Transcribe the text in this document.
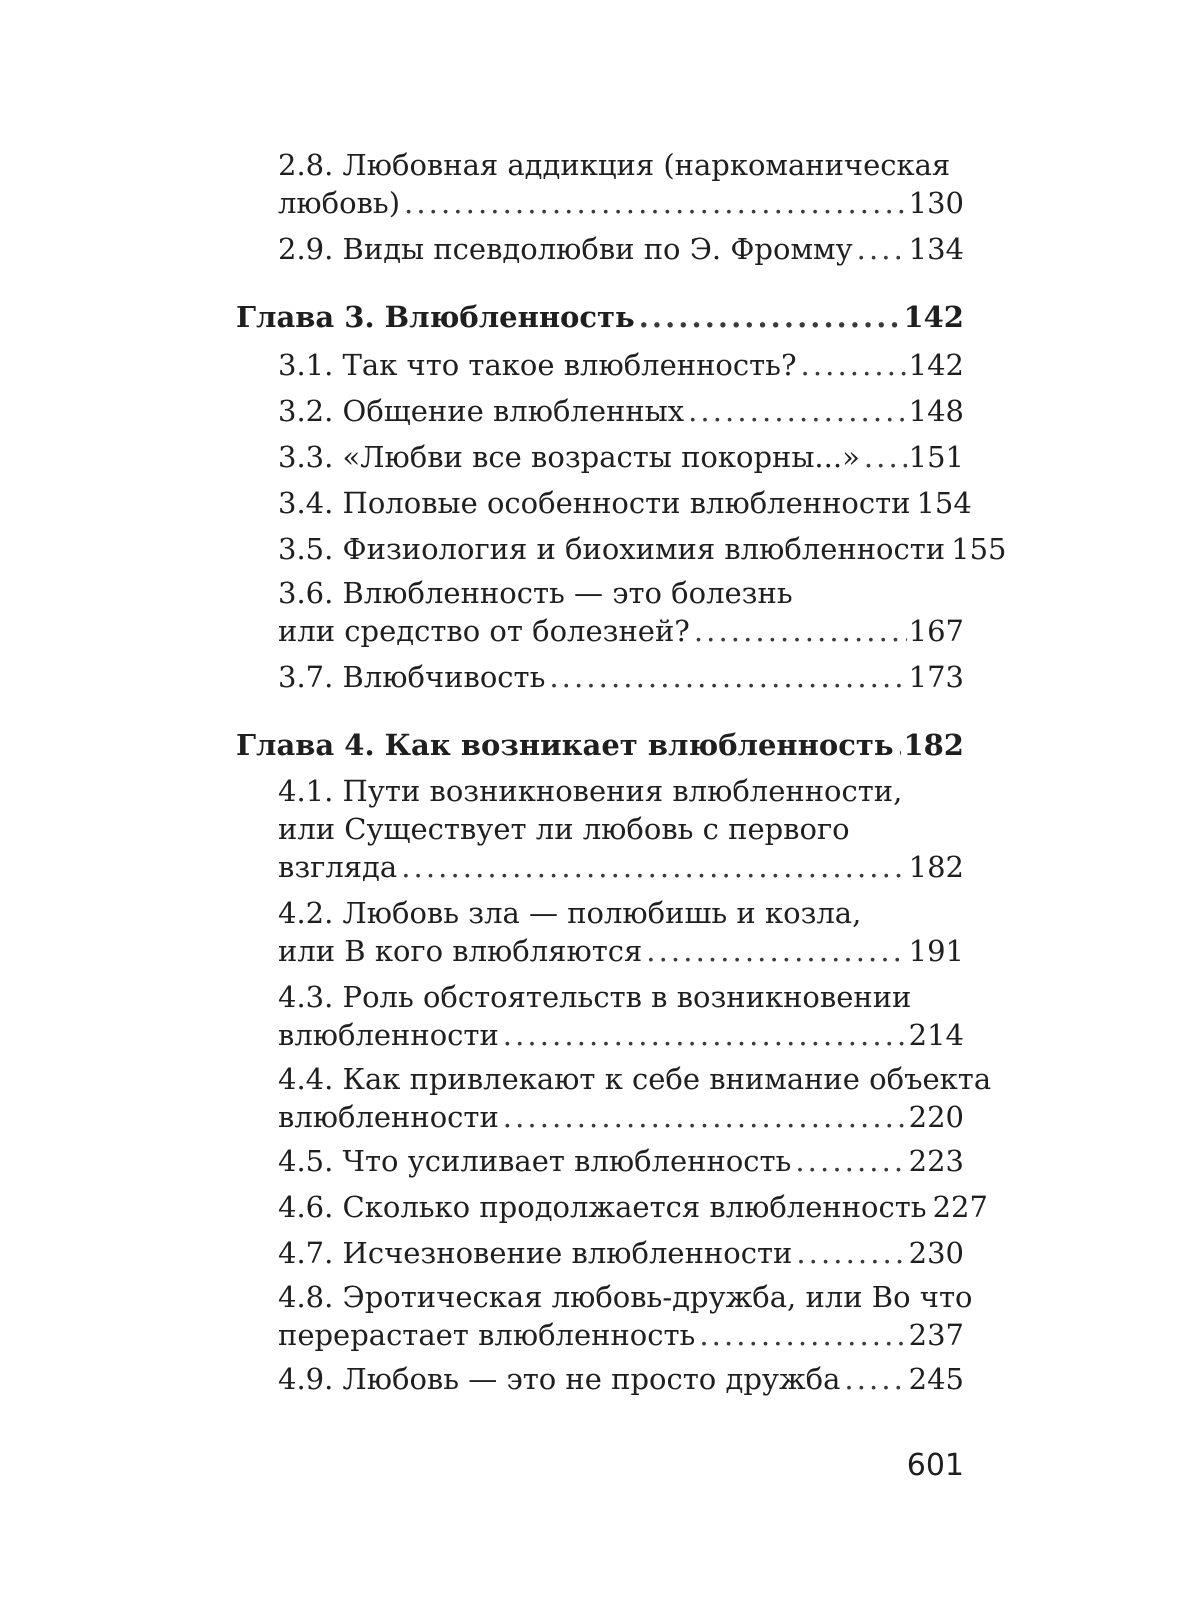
2.8. Любовная аддикция (наркоманическая
любовь) .....	130
2.9. Виды псевдолюбви по Э. Фромму ..... 134
Глава 3. Влюбленность .....	142
3.1. Так что такое влюбленность? .....	142
3.2. Общение влюбленных .....	148
3.3. «Любви все возрасты покорны...» ..... 151
3.4. Половые особенности влюбленности 154
3.5. Физиология и биохимия влюбленности 155
3.6. Влюбленность — это болезнь
или средство от болезней? .....	167
3.7. Влюбчивость .....	173
Глава 4. Как возникает влюбленность ..... 182
4.1. Пути возникновения влюбленности,
или Существует ли любовь с первого
взгляда .....	182
4.2. Любовь зла — полюбишь и козла,
или В кого влюбляются .....	191
4.3. Роль обстоятельств в возникновении
влюбленности .....	214
4.4. Как привлекают к себе внимание объекта
влюбленности .....	220
4.5. Что усиливает влюбленность .....	223
4.6. Сколько продолжается влюбленность 227
4.7. Исчезновение влюбленности .....	230
4.8. Эротическая любовь-дружба, или Во что
перерастает влюбленность .....	237
4.9. Любовь — это не просто дружба ..... 245
601
